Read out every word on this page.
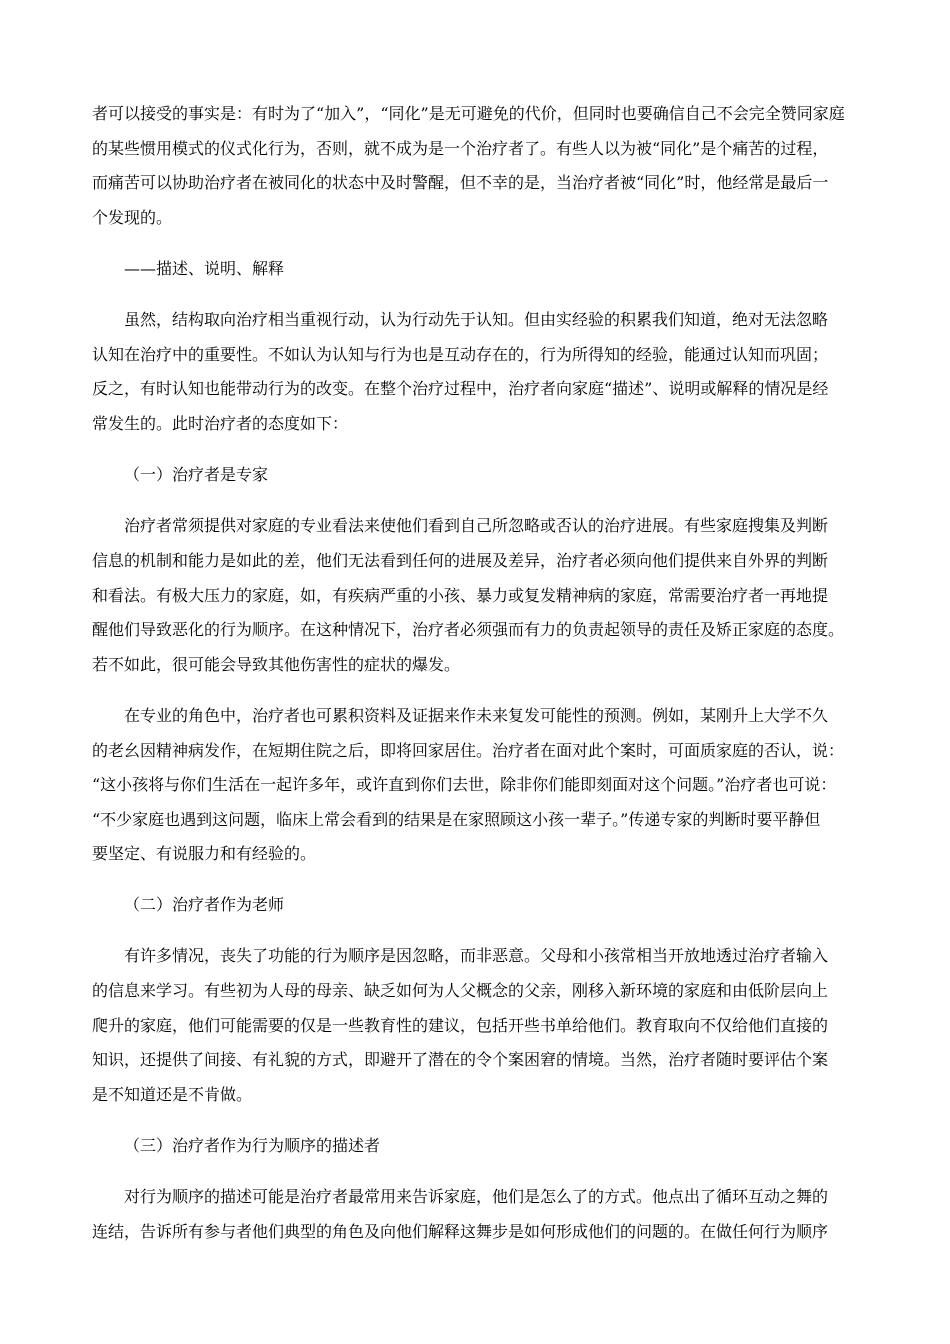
者可以接受的事实是：有时为了“加入”，“同化”是无可避免的代价，但同时也要确信自己不会完全赞同家庭

的某些惯用模式的仪式化行为，否则，就不成为是一个治疗者了。有些人以为被“同化”是个痛苦的过程，

而痛苦可以协助治疗者在被同化的状态中及时警醒，但不幸的是，当治疗者被“同化”时，他经常是最后一

个发现的。

——描述、说明、解释

虽然，结构取向治疗相当重视行动，认为行动先于认知。但由实经验的积累我们知道，绝对无法忽略

认知在治疗中的重要性。不如认为认知与行为也是互动存在的，行为所得知的经验，能通过认知而巩固；

反之，有时认知也能带动行为的改变。在整个治疗过程中，治疗者向家庭“描述”、说明或解释的情况是经

常发生的。此时治疗者的态度如下：

（一）治疗者是专家

治疗者常须提供对家庭的专业看法来使他们看到自己所忽略或否认的治疗进展。有些家庭搜集及判断

信息的机制和能力是如此的差，他们无法看到任何的进展及差异，治疗者必须向他们提供来自外界的判断

和看法。有极大压力的家庭，如，有疾病严重的小孩、暴力或复发精神病的家庭，常需要治疗者一再地提

醒他们导致恶化的行为顺序。在这种情况下，治疗者必须强而有力的负责起领导的责任及矫正家庭的态度。

若不如此，很可能会导致其他伤害性的症状的爆发。

在专业的角色中，治疗者也可累积资料及证据来作未来复发可能性的预测。例如，某刚升上大学不久

的老幺因精神病发作，在短期住院之后，即将回家居住。治疗者在面对此个案时，可面质家庭的否认，说：

“这小孩将与你们生活在一起许多年，或许直到你们去世，除非你们能即刻面对这个问题。”治疗者也可说：

“不少家庭也遇到这问题，临床上常会看到的结果是在家照顾这小孩一辈子。”传递专家的判断时要平静但

要坚定、有说服力和有经验的。

（二）治疗者作为老师

有许多情况，丧失了功能的行为顺序是因忽略，而非恶意。父母和小孩常相当开放地透过治疗者输入

的信息来学习。有些初为人母的母亲、缺乏如何为人父概念的父亲，刚移入新环境的家庭和由低阶层向上

爬升的家庭，他们可能需要的仅是一些教育性的建议，包括开些书单给他们。教育取向不仅给他们直接的

知识，还提供了间接、有礼貌的方式，即避开了潜在的令个案困窘的情境。当然，治疗者随时要评估个案

是不知道还是不肯做。

（三）治疗者作为行为顺序的描述者

对行为顺序的描述可能是治疗者最常用来告诉家庭，他们是怎么了的方式。他点出了循环互动之舞的

连结，告诉所有参与者他们典型的角色及向他们解释这舞步是如何形成他们的问题的。在做任何行为顺序
